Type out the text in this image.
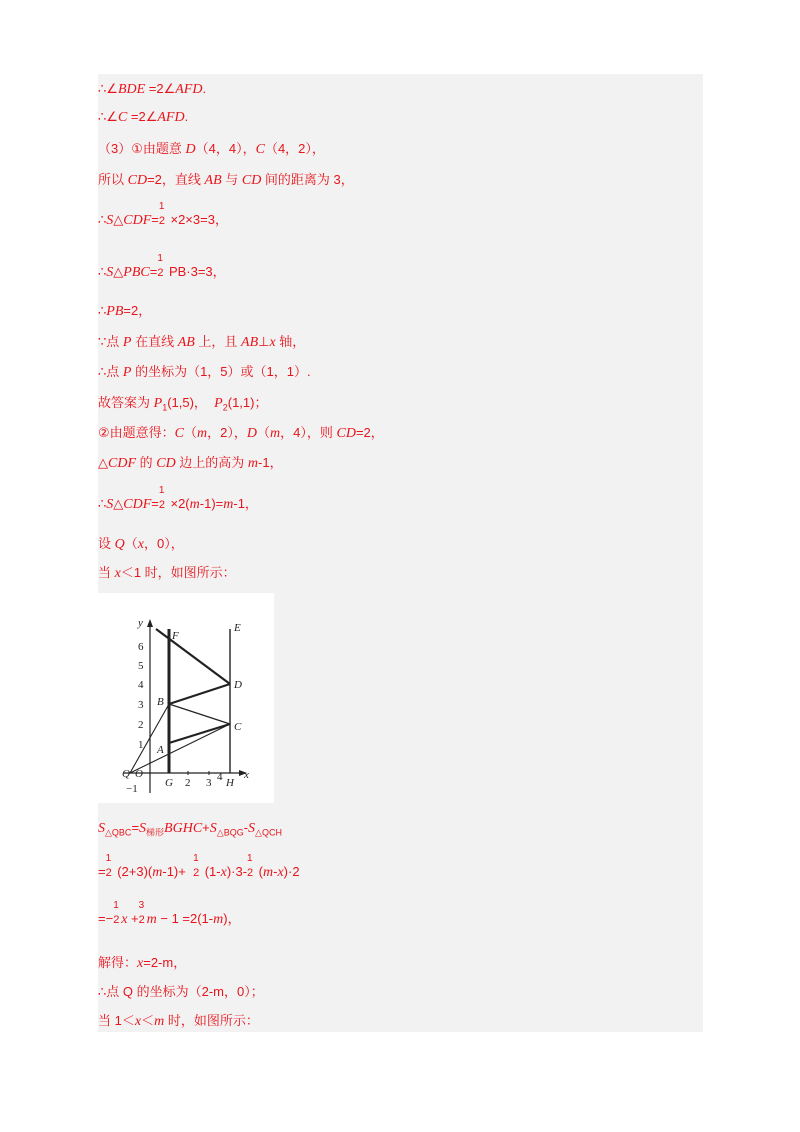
∴∠BDE =2∠AFD.
∴∠C =2∠AFD.
（3）①由题意 D（4，4），C（4，2），
所以 CD=2，直线 AB 与 CD 间的距离为 3，
∴S△CDF=
1
2 ×2×3=3，
∴S△PBC=
1
2 PB·3=3，
∴PB=2，
∵点 P 在直线 AB 上，且 AB⊥x 轴，
∴点 P 的坐标为（1，5）或（1，1）.
故答案为 $P_1(1,5)$，  $P_2(1,1)$；
②由题意得：C（m，2），D（m，4），则 CD=2，
△CDF 的 CD 边上的高为 m-1，
∴S△CDF=
1
2 ×2(m-1)=m-1，
设 Q（x，0），
当 x＜1 时，如图所示：
y
x
6
5
4
3
2
1
−1	2 3 4
F
E
D
B
C
A
Q O
G	H
$S_{\triangle QBC}=S_{梯形}BGHC+S_{\triangle BQG}-S_{\triangle QCH}$
=
1
2 (2+3)(m-1)+
1
2 (1-x)·3-
1
2 (m-x)·2
=−
1
2 x +
3
2 m − 1 =2(1-m)，
解得：x=2-m，
∴点 Q 的坐标为（2-m，0）；
当 1＜x＜m 时，如图所示：
